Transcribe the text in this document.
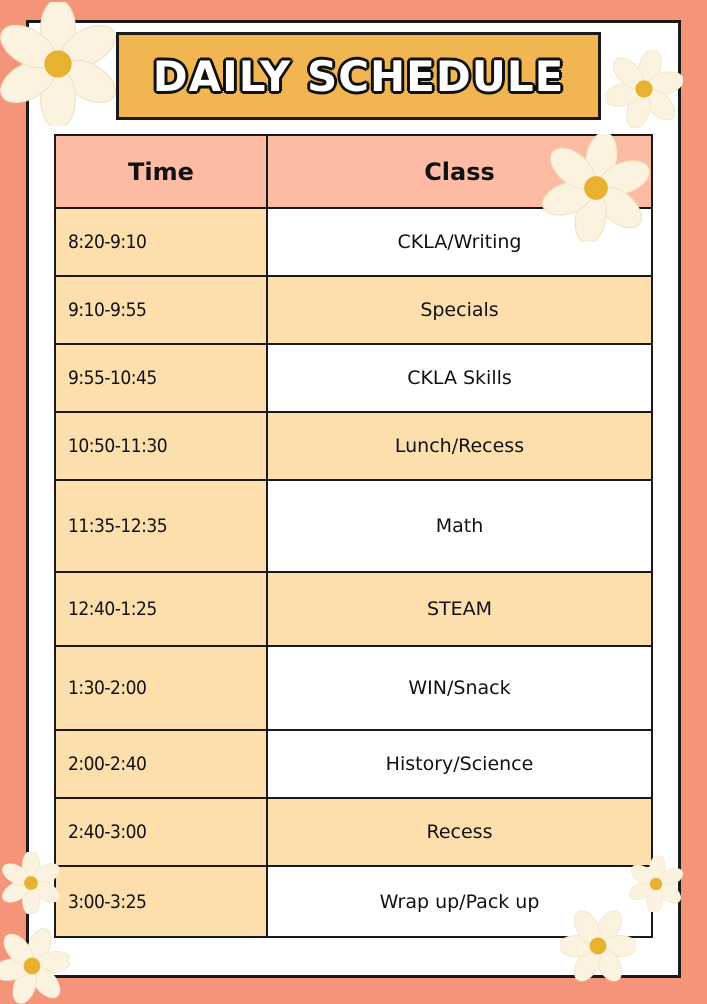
DAILY SCHEDULE
Time	Class
8:20-9:10	CKLA/Writing
9:10-9:55	Specials
9:55-10:45	CKLA Skills
10:50-11:30	Lunch/Recess
11:35-12:35	Math
12:40-1:25	STEAM
1:30-2:00	WIN/Snack
2:00-2:40	History/Science
2:40-3:00	Recess
3:00-3:25	Wrap up/Pack up
